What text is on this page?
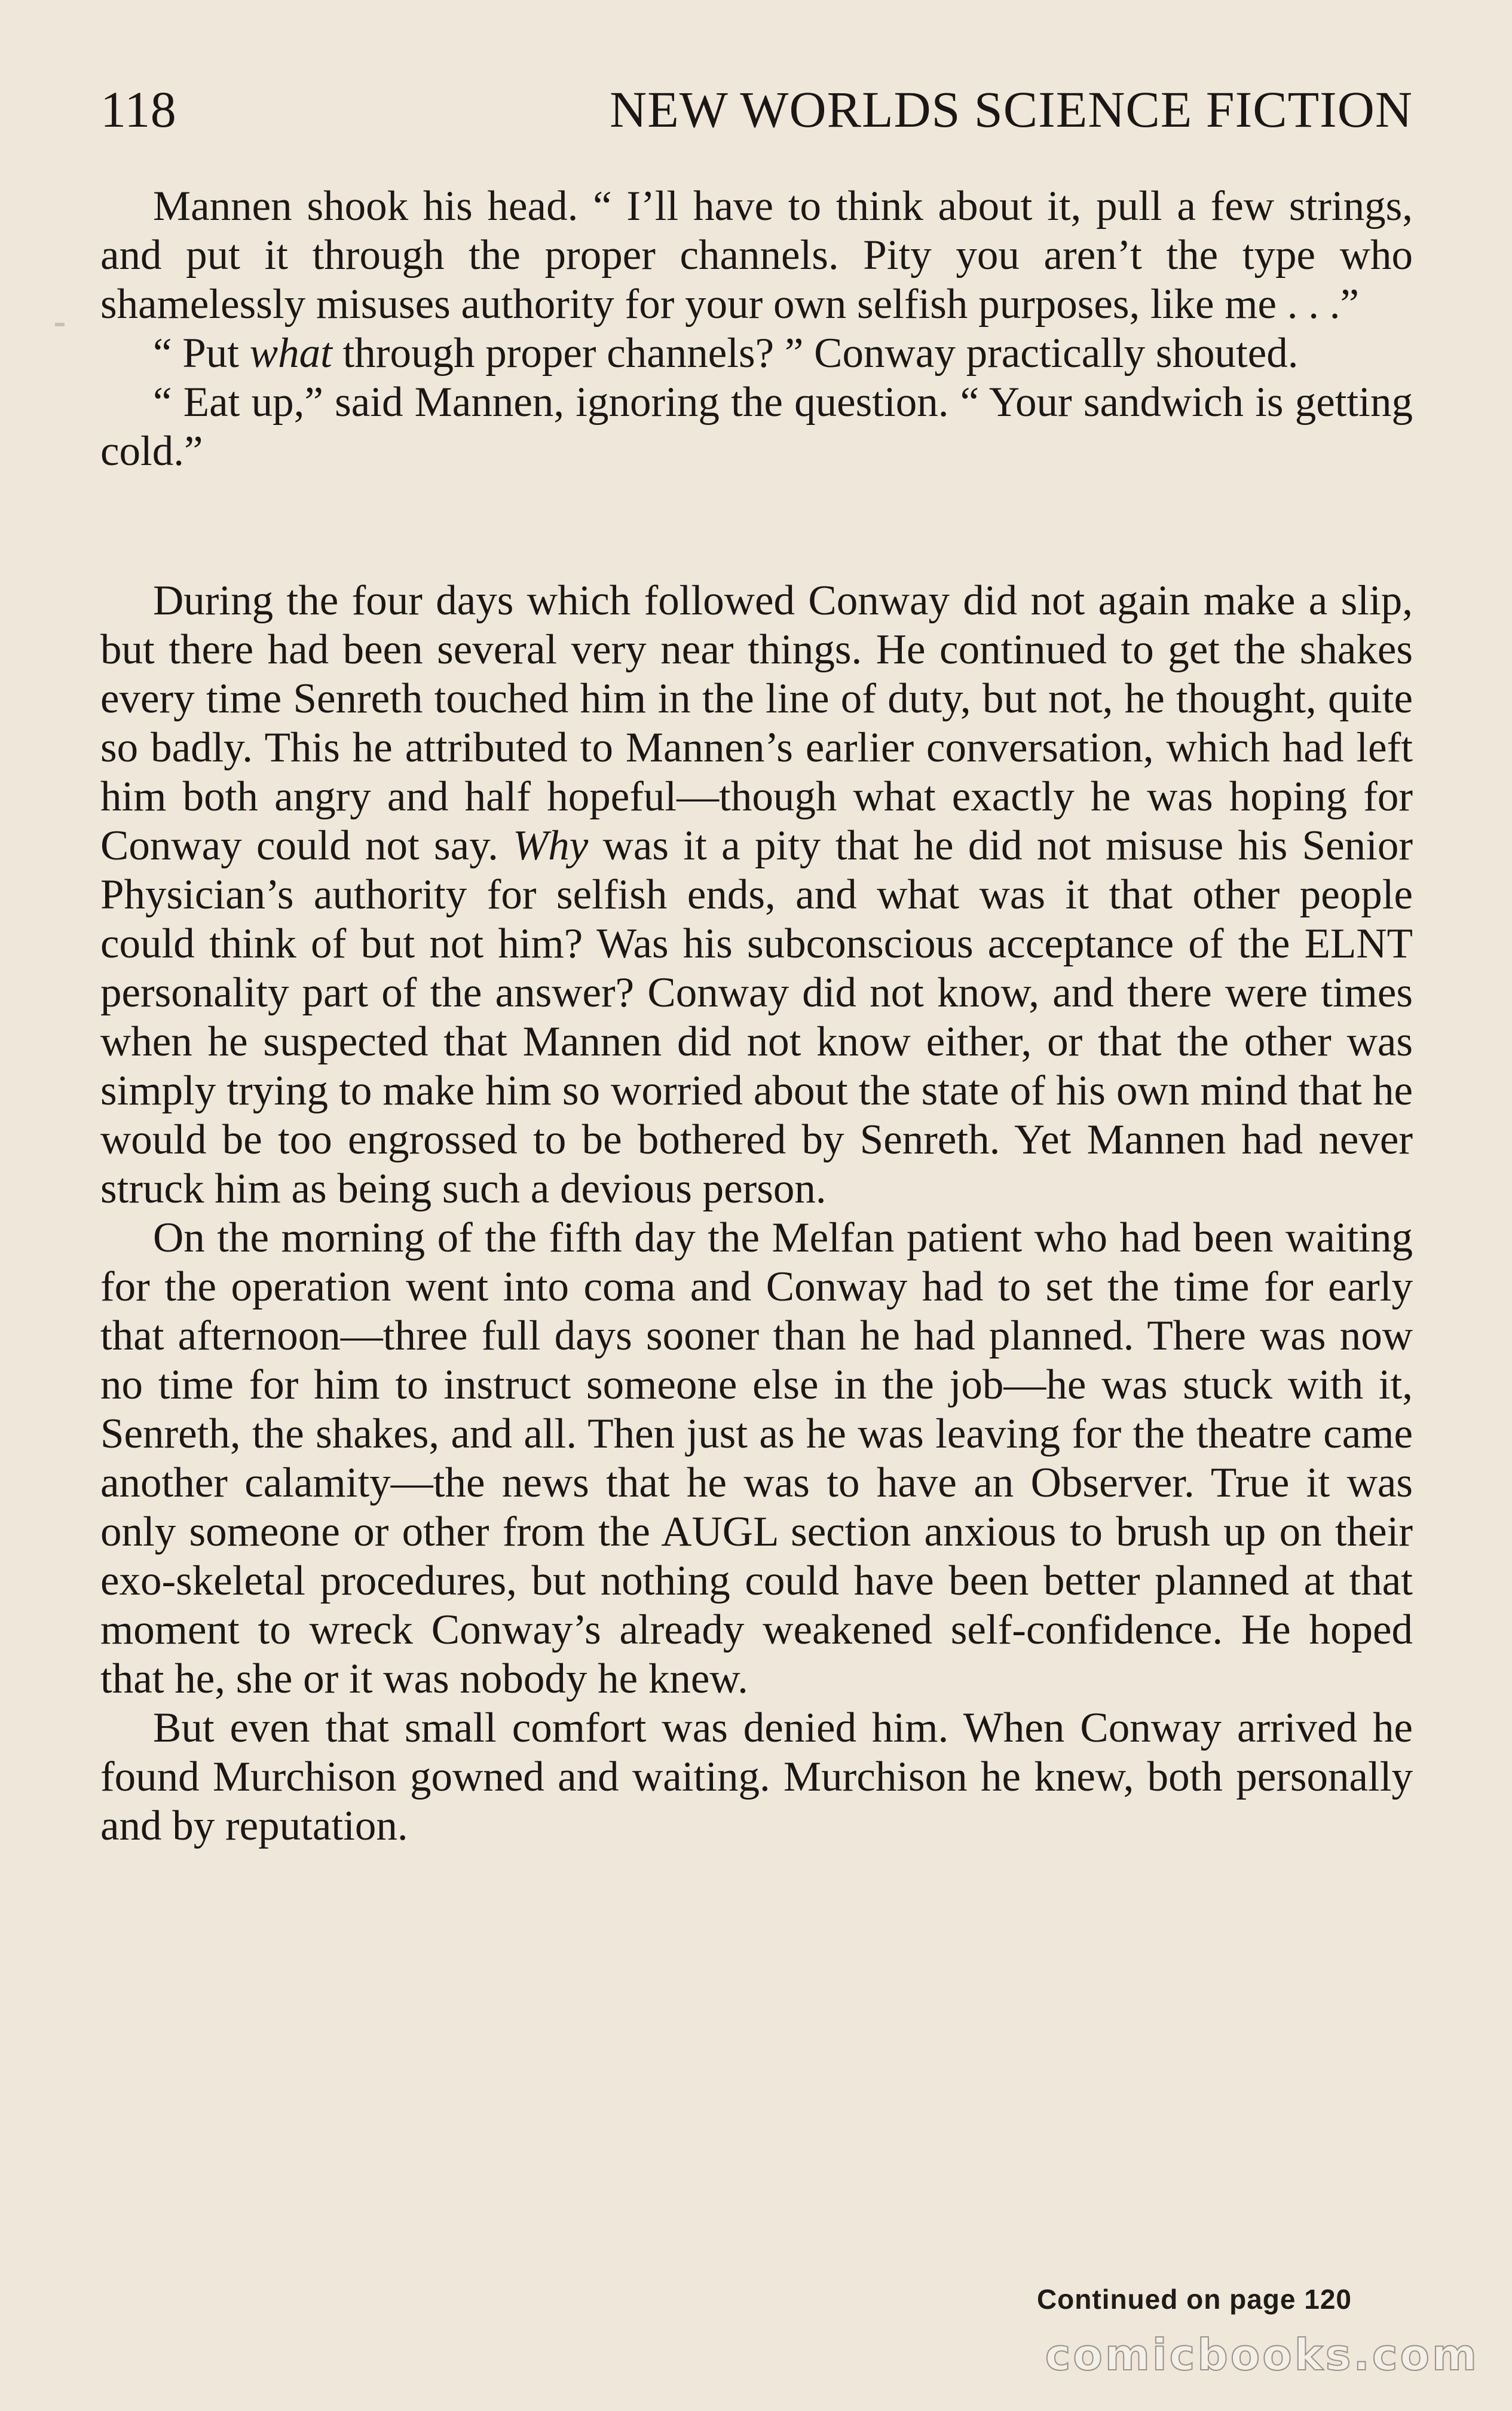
118	NEW WORLDS SCIENCE FICTION

Mannen shook his head. “ I’ll have to think about it, pull a few strings, and put it through the proper channels. Pity you aren’t the type who shamelessly misuses authority for your own selfish purposes, like me . . .”

“ Put what through proper channels? ” Conway practically shouted.

“ Eat up,” said Mannen, ignoring the question. “ Your sandwich is getting cold.”

During the four days which followed Conway did not again make a slip, but there had been several very near things. He continued to get the shakes every time Senreth touched him in the line of duty, but not, he thought, quite so badly. This he attributed to Mannen’s earlier conversation, which had left him both angry and half hopeful—though what exactly he was hoping for Conway could not say. Why was it a pity that he did not misuse his Senior Physician’s authority for selfish ends, and what was it that other people could think of but not him? Was his subconscious acceptance of the ELNT personality part of the answer? Conway did not know, and there were times when he suspected that Mannen did not know either, or that the other was simply trying to make him so worried about the state of his own mind that he would be too engrossed to be bothered by Senreth. Yet Mannen had never struck him as being such a devious person.

On the morning of the fifth day the Melfan patient who had been waiting for the operation went into coma and Conway had to set the time for early that afternoon—three full days sooner than he had planned. There was now no time for him to instruct someone else in the job—he was stuck with it, Senreth, the shakes, and all. Then just as he was leaving for the theatre came another calamity—the news that he was to have an Observer. True it was only someone or other from the AUGL section anxious to brush up on their exo-skeletal procedures, but nothing could have been better planned at that moment to wreck Conway’s already weakened self-confidence. He hoped that he, she or it was nobody he knew.

But even that small comfort was denied him. When Conway arrived he found Murchison gowned and waiting. Murchison he knew, both personally and by reputation.

Continued on page 120
comicbooks.com
